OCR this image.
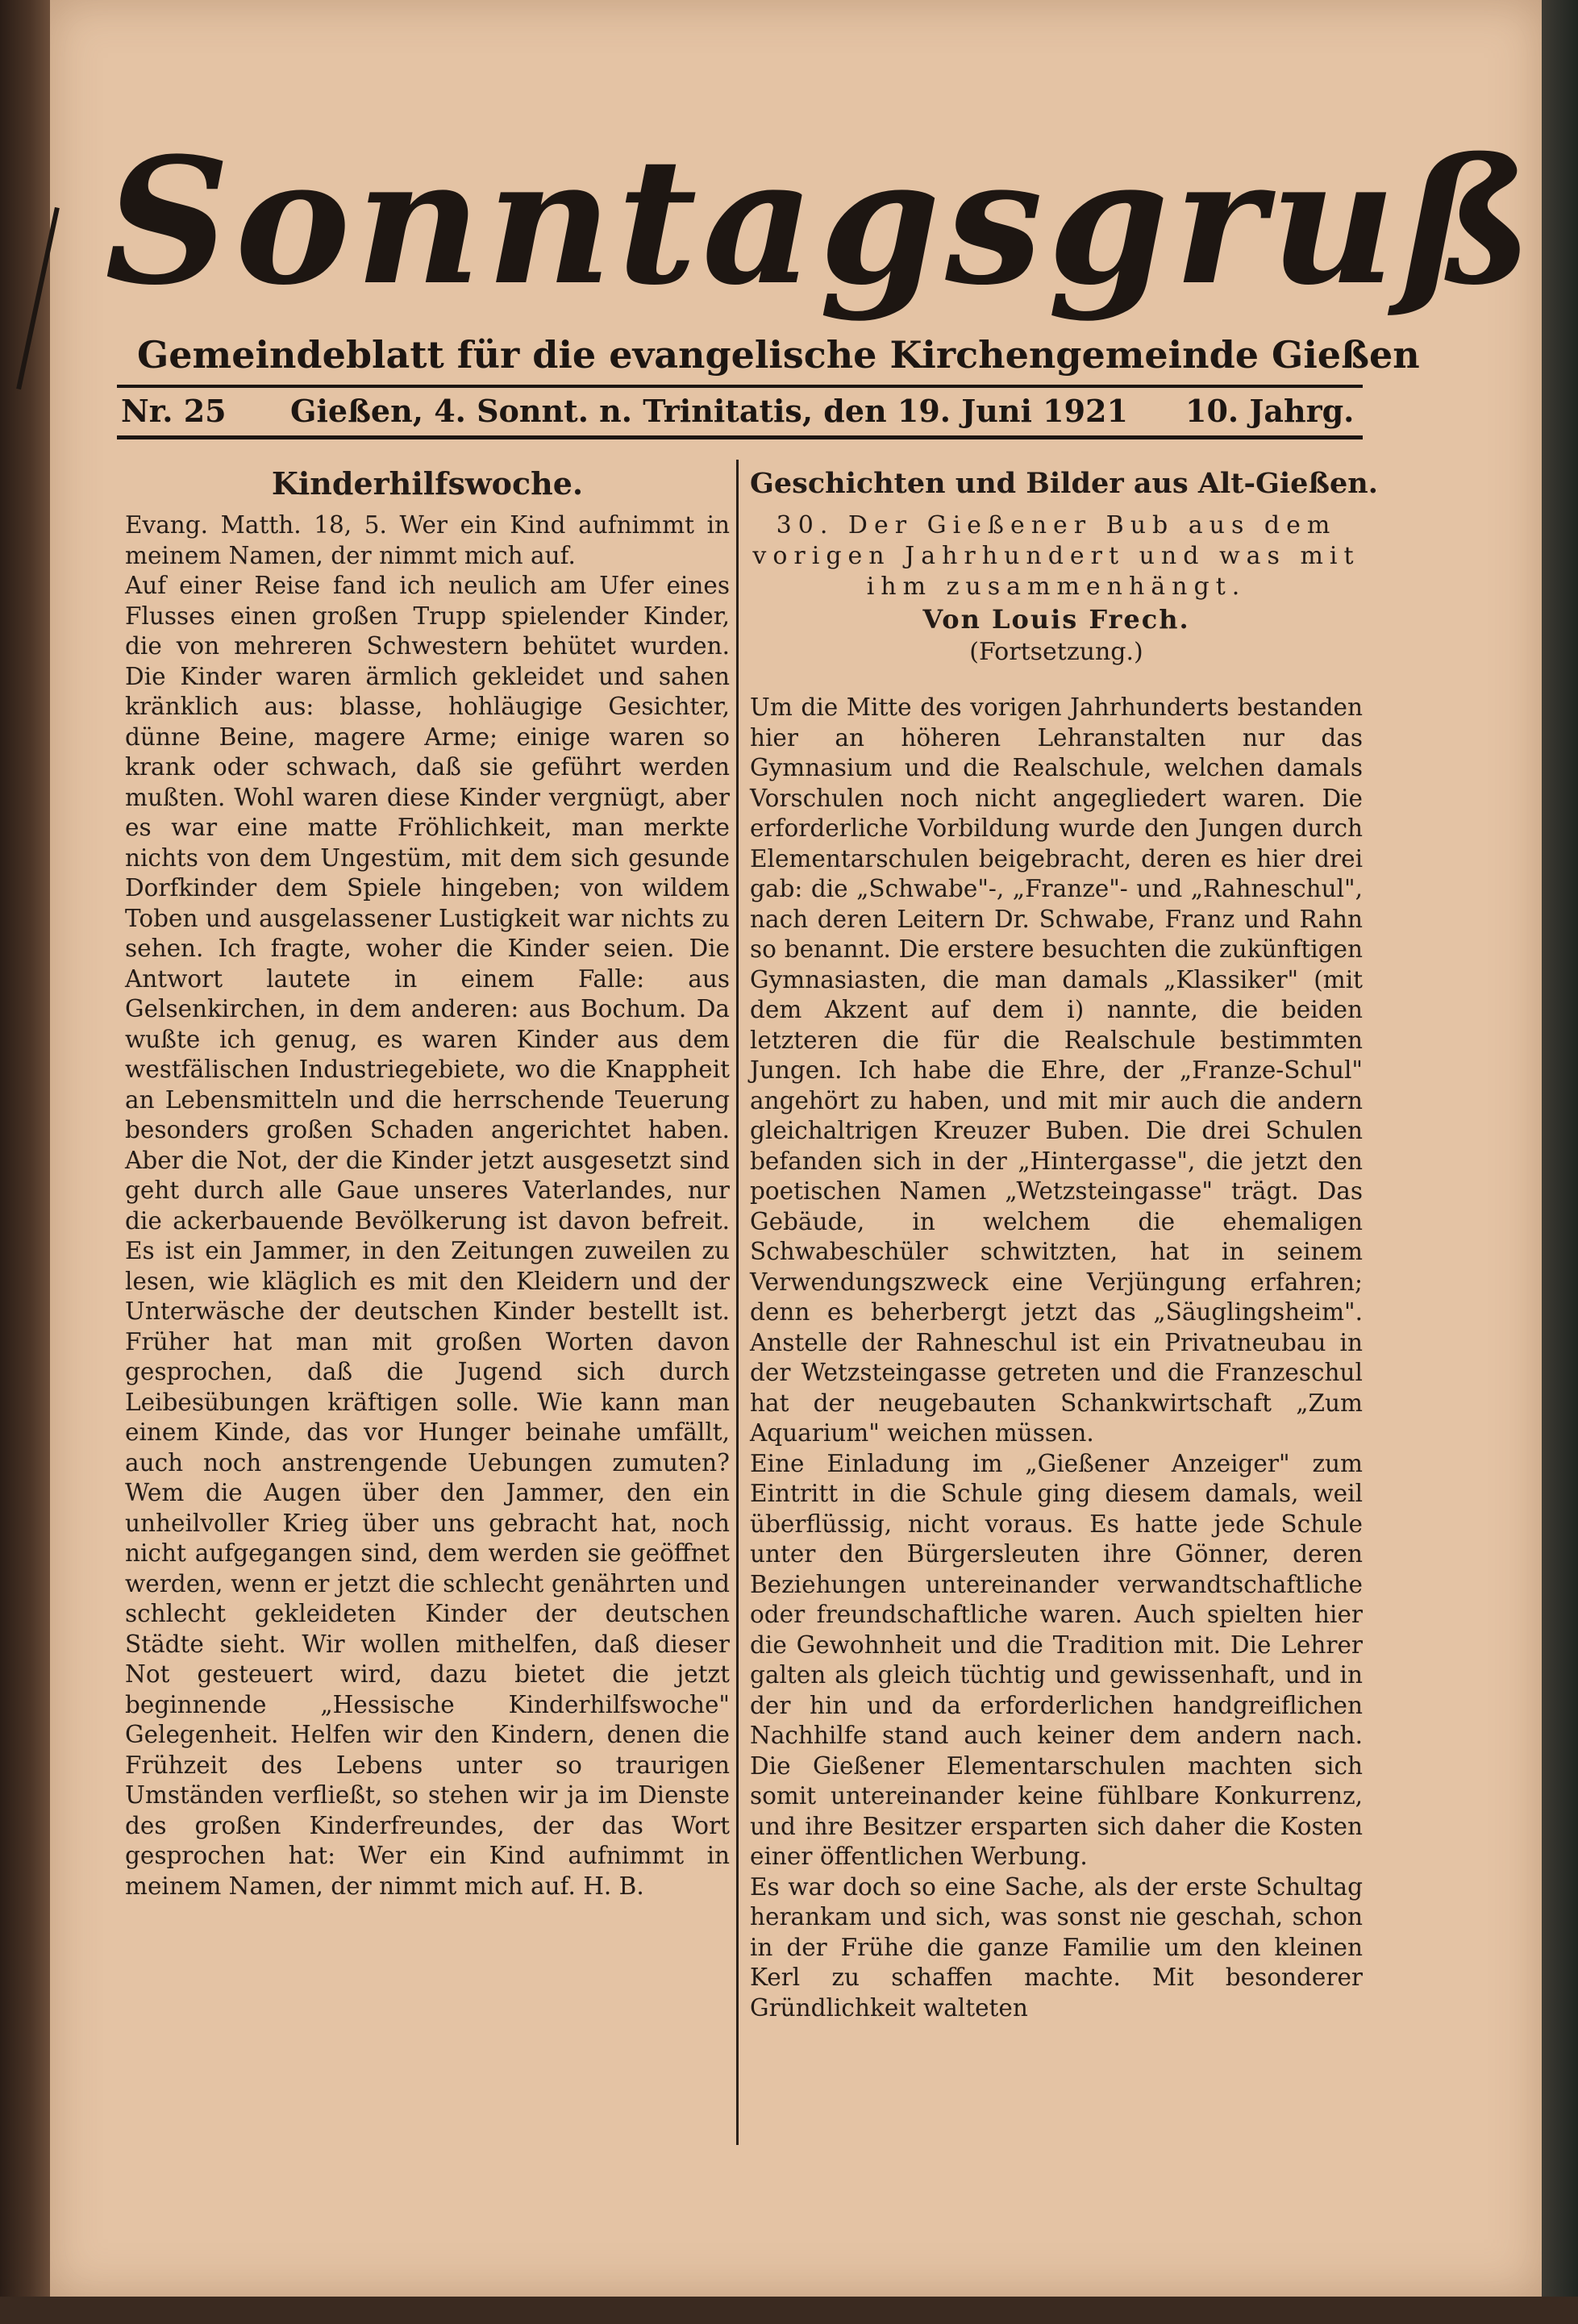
Sonntagsgruß
Gemeindeblatt für die evangelische Kirchengemeinde Gießen
Nr. 25 Gießen, 4. Sonnt. n. Trinitatis, den 19. Juni 1921 10. Jahrg.

Kinderhilfswoche.

Evang. Matth. 18, 5. Wer ein Kind aufnimmt in meinem Namen, der nimmt mich auf.
Auf einer Reise fand ich neulich am Ufer eines Flusses einen großen Trupp spielender Kinder, die von mehreren Schwestern behütet wurden. Die Kinder waren ärmlich gekleidet und sahen kränklich aus: blasse, hohläugige Gesichter, dünne Beine, magere Arme; einige waren so krank oder schwach, daß sie geführt werden mußten. Wohl waren diese Kinder vergnügt, aber es war eine matte Fröhlichkeit, man merkte nichts von dem Ungestüm, mit dem sich gesunde Dorfkinder dem Spiele hingeben; von wildem Toben und ausgelassener Lustigkeit war nichts zu sehen. Ich fragte, woher die Kinder seien. Die Antwort lautete in einem Falle: aus Gelsenkirchen, in dem anderen: aus Bochum. Da wußte ich genug, es waren Kinder aus dem westfälischen Industriegebiete, wo die Knappheit an Lebensmitteln und die herrschende Teuerung besonders großen Schaden angerichtet haben. Aber die Not, der die Kinder jetzt ausgesetzt sind geht durch alle Gaue unseres Vaterlandes, nur die ackerbauende Bevölkerung ist davon befreit. Es ist ein Jammer, in den Zeitungen zuweilen zu lesen, wie kläglich es mit den Kleidern und der Unterwäsche der deutschen Kinder bestellt ist. Früher hat man mit großen Worten davon gesprochen, daß die Jugend sich durch Leibesübungen kräftigen solle. Wie kann man einem Kinde, das vor Hunger beinahe umfällt, auch noch anstrengende Uebungen zumuten? Wem die Augen über den Jammer, den ein unheilvoller Krieg über uns gebracht hat, noch nicht aufgegangen sind, dem werden sie geöffnet werden, wenn er jetzt die schlecht genährten und schlecht gekleideten Kinder der deutschen Städte sieht. Wir wollen mithelfen, daß dieser Not gesteuert wird, dazu bietet die jetzt beginnende „Hessische Kinderhilfswoche" Gelegenheit. Helfen wir den Kindern, denen die Frühzeit des Lebens unter so traurigen Umständen verfließt, so stehen wir ja im Dienste des großen Kinderfreundes, der das Wort gesprochen hat: Wer ein Kind aufnimmt in meinem Namen, der nimmt mich auf. H. B.

Geschichten und Bilder aus Alt-Gießen.

30. Der Gießener Bub aus dem vorigen Jahrhundert und was mit ihm zusammenhängt.

Von Louis Frech.

(Fortsetzung.)

Um die Mitte des vorigen Jahrhunderts bestanden hier an höheren Lehranstalten nur das Gymnasium und die Realschule, welchen damals Vorschulen noch nicht angegliedert waren. Die erforderliche Vorbildung wurde den Jungen durch Elementarschulen beigebracht, deren es hier drei gab: die „Schwabe"-, „Franze"- und „Rahneschul", nach deren Leitern Dr. Schwabe, Franz und Rahn so benannt. Die erstere besuchten die zukünftigen Gymnasiasten, die man damals „Klassiker" (mit dem Akzent auf dem i) nannte, die beiden letzteren die für die Realschule bestimmten Jungen. Ich habe die Ehre, der „Franze-Schul" angehört zu haben, und mit mir auch die andern gleichaltrigen Kreuzer Buben. Die drei Schulen befanden sich in der „Hintergasse", die jetzt den poetischen Namen „Wetzsteingasse" trägt. Das Gebäude, in welchem die ehemaligen Schwabeschüler schwitzten, hat in seinem Verwendungszweck eine Verjüngung erfahren; denn es beherbergt jetzt das „Säuglingsheim". Anstelle der Rahneschul ist ein Privatneubau in der Wetzsteingasse getreten und die Franzeschul hat der neugebauten Schankwirtschaft „Zum Aquarium" weichen müssen.
Eine Einladung im „Gießener Anzeiger" zum Eintritt in die Schule ging diesem damals, weil überflüssig, nicht voraus. Es hatte jede Schule unter den Bürgersleuten ihre Gönner, deren Beziehungen untereinander verwandtschaftliche oder freundschaftliche waren. Auch spielten hier die Gewohnheit und die Tradition mit. Die Lehrer galten als gleich tüchtig und gewissenhaft, und in der hin und da erforderlichen handgreiflichen Nachhilfe stand auch keiner dem andern nach. Die Gießener Elementarschulen machten sich somit untereinander keine fühlbare Konkurrenz, und ihre Besitzer ersparten sich daher die Kosten einer öffentlichen Werbung.
Es war doch so eine Sache, als der erste Schultag herankam und sich, was sonst nie geschah, schon in der Frühe die ganze Familie um den kleinen Kerl zu schaffen machte. Mit besonderer Gründlichkeit walteten
